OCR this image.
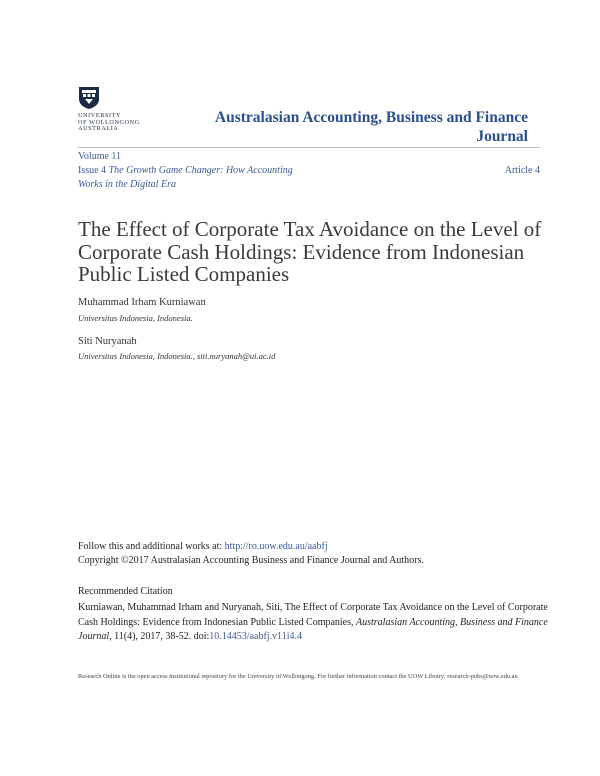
UNIVERSITY
OF WOLLONGONG
AUSTRALIA
Australasian Accounting, Business and Finance Journal
Volume 11
Issue 4 The Growth Game Changer: How Accounting Works in the Digital Era
Article 4
The Effect of Corporate Tax Avoidance on the Level of Corporate Cash Holdings: Evidence from Indonesian Public Listed Companies
Muhammad Irham Kurniawan
Universitas Indonesia, Indonesia.
Siti Nuryanah
Universitas Indonesia, Indonesia., siti.nuryanah@ui.ac.id
Follow this and additional works at: http://ro.uow.edu.au/aabfj
Copyright ©2017 Australasian Accounting Business and Finance Journal and Authors.
Recommended Citation
Kurniawan, Muhammad Irham and Nuryanah, Siti, The Effect of Corporate Tax Avoidance on the Level of Corporate Cash Holdings: Evidence from Indonesian Public Listed Companies, Australasian Accounting, Business and Finance Journal, 11(4), 2017, 38-52. doi:10.14453/aabfj.v11i4.4
Research Online is the open access institutional repository for the University of Wollongong. For further information contact the UOW Library: research-pubs@uow.edu.au
